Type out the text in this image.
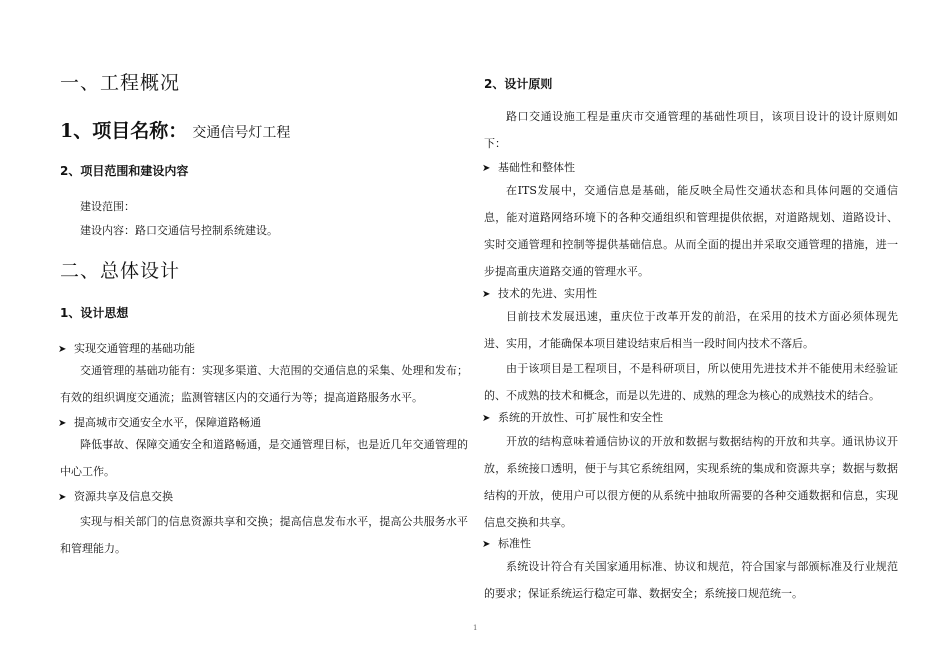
一、工程概况
1、项目名称： 交通信号灯工程
2、项目范围和建设内容
建设范围：
建设内容：路口交通信号控制系统建设。
二、总体设计
1、设计思想
➤ 实现交通管理的基础功能
交通管理的基础功能有：实现多渠道、大范围的交通信息的采集、处理和发布；有效的组织调度交通流；监测管辖区内的交通行为等；提高道路服务水平。
➤ 提高城市交通安全水平，保障道路畅通
降低事故、保障交通安全和道路畅通，是交通管理目标，也是近几年交通管理的中心工作。
➤ 资源共享及信息交换
实现与相关部门的信息资源共享和交换；提高信息发布水平，提高公共服务水平和管理能力。
2、设计原则
路口交通设施工程是重庆市交通管理的基础性项目，该项目设计的设计原则如下：
➤ 基础性和整体性
在ITS发展中，交通信息是基础，能反映全局性交通状态和具体问题的交通信息，能对道路网络环境下的各种交通组织和管理提供依据，对道路规划、道路设计、实时交通管理和控制等提供基础信息。从而全面的提出并采取交通管理的措施，进一步提高重庆道路交通的管理水平。
➤ 技术的先进、实用性
目前技术发展迅速，重庆位于改革开发的前沿，在采用的技术方面必须体现先进、实用，才能确保本项目建设结束后相当一段时间内技术不落后。
由于该项目是工程项目，不是科研项目，所以使用先进技术并不能使用未经验证的、不成熟的技术和概念，而是以先进的、成熟的理念为核心的成熟技术的结合。
➤ 系统的开放性、可扩展性和安全性
开放的结构意味着通信协议的开放和数据与数据结构的开放和共享。通讯协议开放，系统接口透明，便于与其它系统组网，实现系统的集成和资源共享；数据与数据结构的开放，使用户可以很方便的从系统中抽取所需要的各种交通数据和信息，实现信息交换和共享。
➤ 标准性
系统设计符合有关国家通用标准、协议和规范，符合国家与部颁标准及行业规范的要求；保证系统运行稳定可靠、数据安全；系统接口规范统一。
1
